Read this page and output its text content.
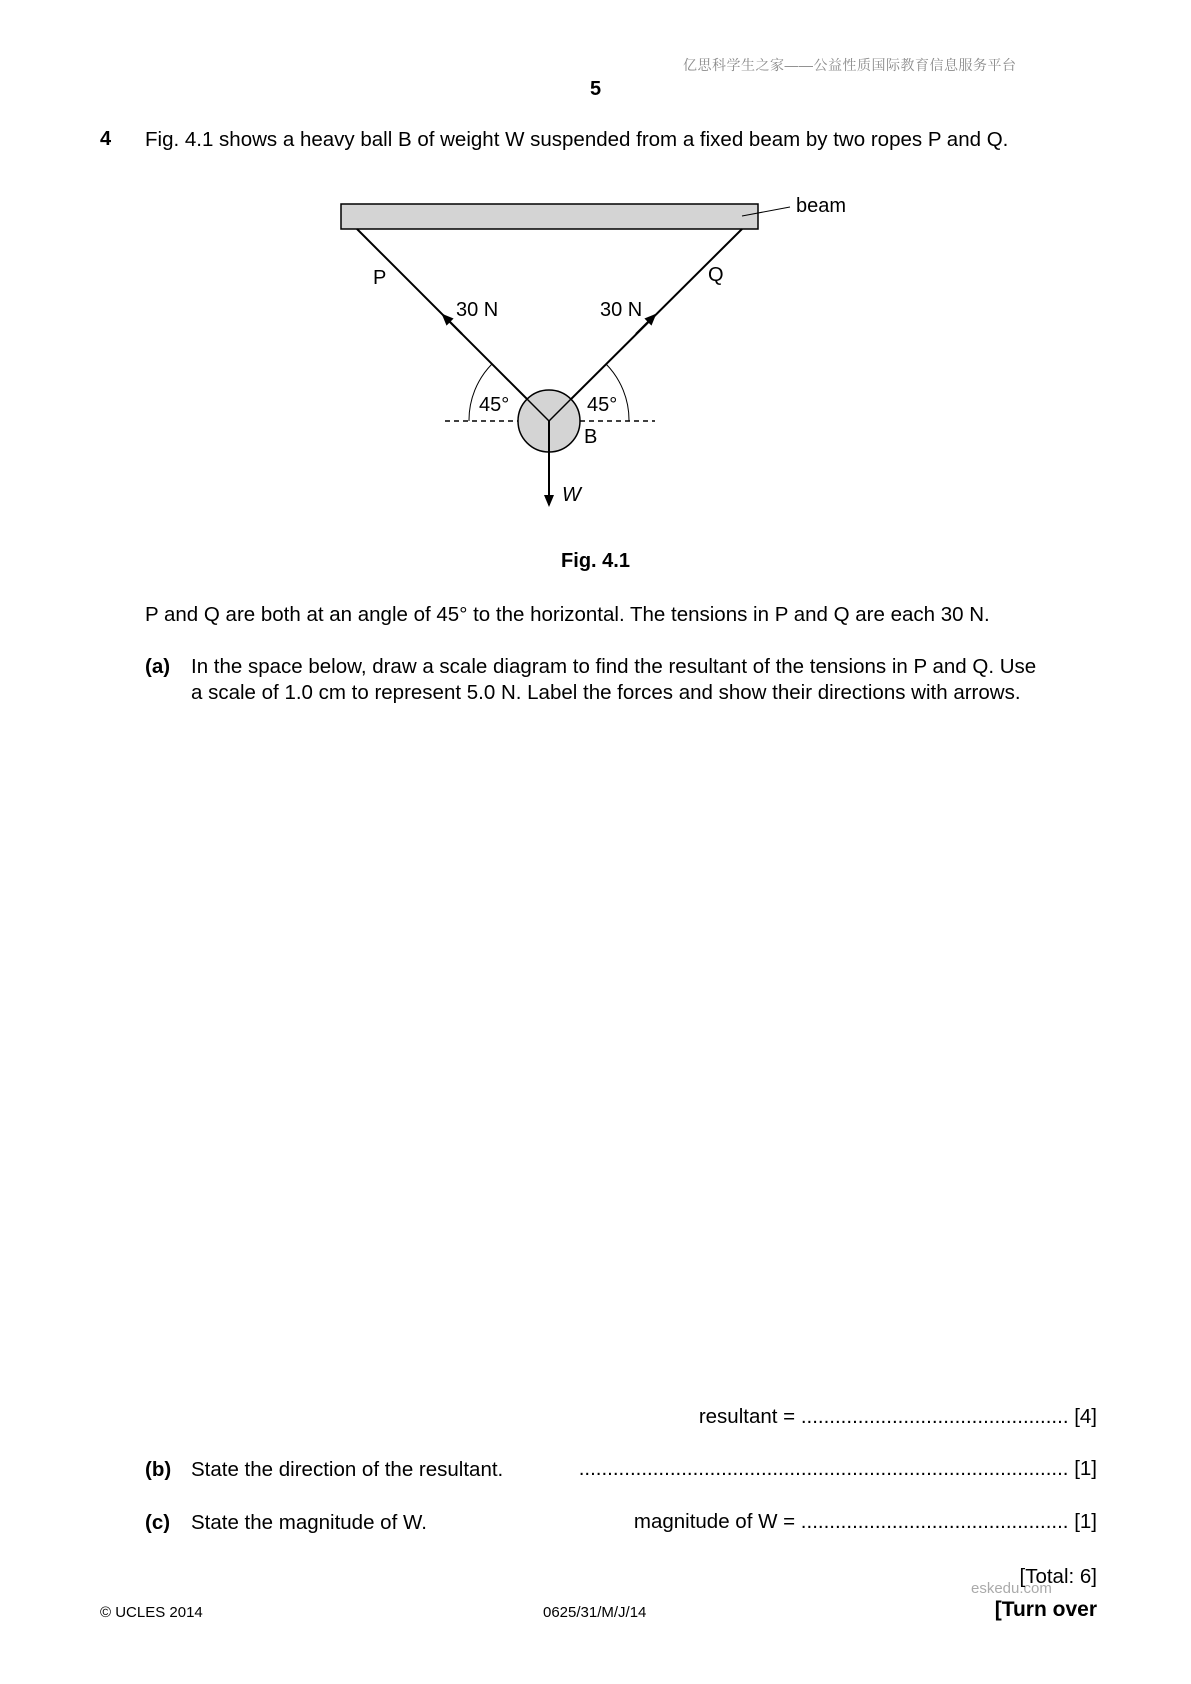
亿思科学生之家——公益性质国际教育信息服务平台
5
4 Fig. 4.1 shows a heavy ball B of weight W suspended from a fixed beam by two ropes P and Q.
beam
P	Q
30 N	30 N
45°	45°
B
W
Fig. 4.1
P and Q are both at an angle of 45° to the horizontal. The tensions in P and Q are each 30 N.
(a) In the space below, draw a scale diagram to find the resultant of the tensions in P and Q. Use
a scale of 1.0 cm to represent 5.0 N. Label the forces and show their directions with arrows.
resultant = ............................................... [4]
(b) State the direction of the resultant.	...................................................................................... [1]
(c) State the magnitude of W.	magnitude of W = ............................................... [1]
eskedu.com
[Total: 6]
© UCLES 2014	0625/31/M/J/14	[Turn over
